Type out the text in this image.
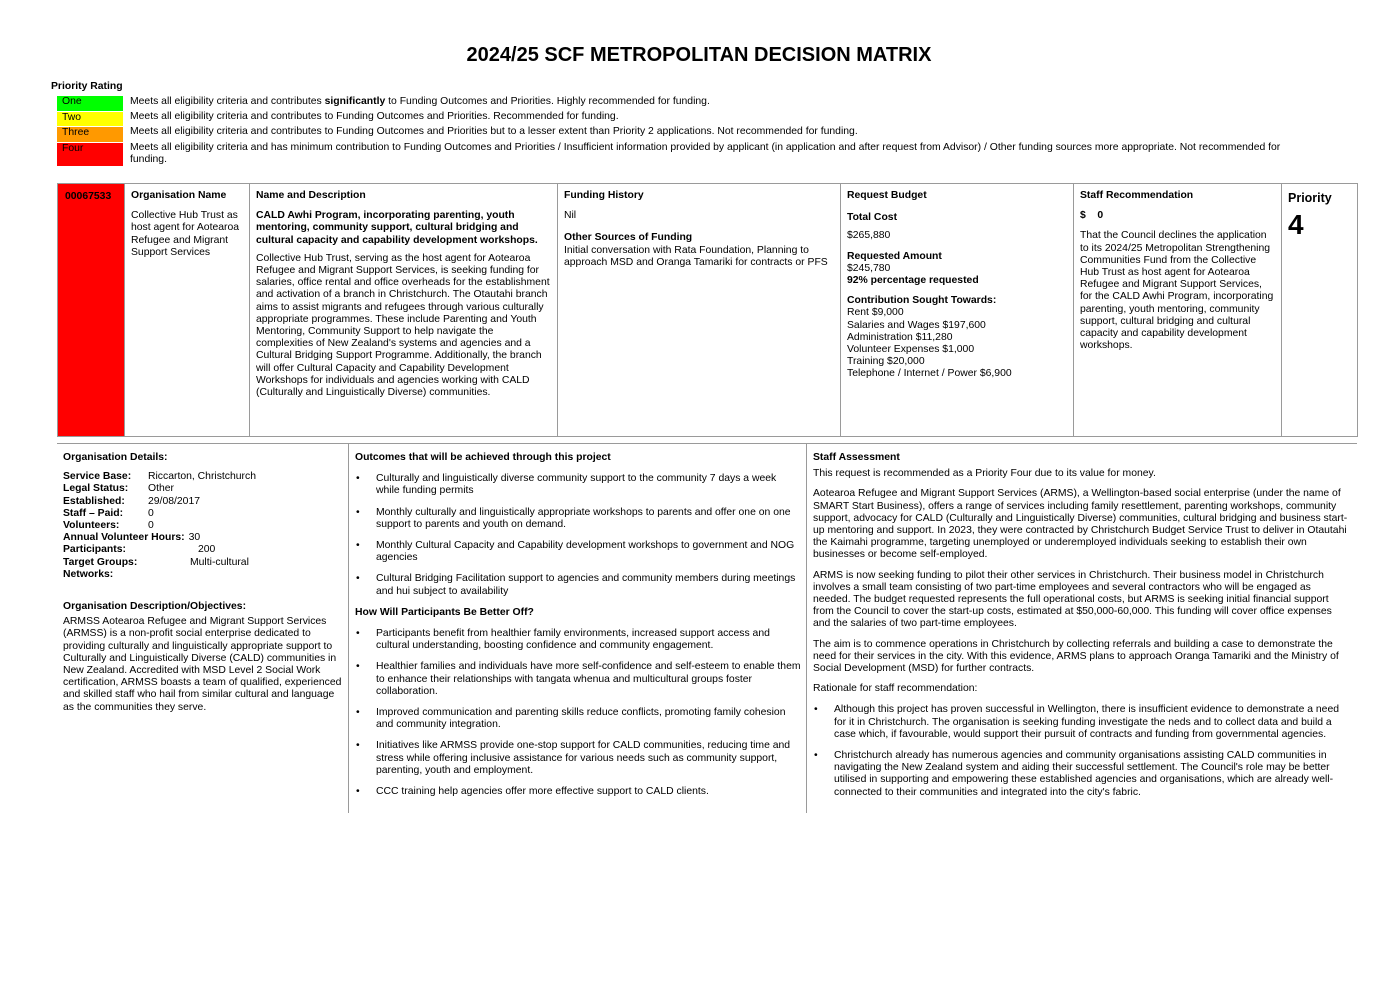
2024/25 SCF METROPOLITAN DECISION MATRIX
Priority Rating
One	Meets all eligibility criteria and contributes significantly to Funding Outcomes and Priorities. Highly recommended for funding.
Two	Meets all eligibility criteria and contributes to Funding Outcomes and Priorities. Recommended for funding.
Three	Meets all eligibility criteria and contributes to Funding Outcomes and Priorities but to a lesser extent than Priority 2 applications. Not recommended for funding.
Four	Meets all eligibility criteria and has minimum contribution to Funding Outcomes and Priorities / Insufficient information provided by applicant (in application and after request from Advisor) / Other funding sources more appropriate. Not recommended for funding.
00067533	Organisation Name
Collective Hub Trust as host agent for Aotearoa Refugee and Migrant Support Services

Name and Description
CALD Awhi Program, incorporating parenting, youth mentoring, community support, cultural bridging and cultural capacity and capability development workshops.
Collective Hub Trust, serving as the host agent for Aotearoa Refugee and Migrant Support Services, is seeking funding for salaries, office rental and office overheads for the establishment and activation of a branch in Christchurch. The Otautahi branch aims to assist migrants and refugees through various culturally appropriate programmes. These include Parenting and Youth Mentoring, Community Support to help navigate the complexities of New Zealand's systems and agencies and a Cultural Bridging Support Programme. Additionally, the branch will offer Cultural Capacity and Capability Development Workshops for individuals and agencies working with CALD (Culturally and Linguistically Diverse) communities.

Funding History
Nil
Other Sources of Funding
Initial conversation with Rata Foundation, Planning to approach MSD and Oranga Tamariki for contracts or PFS

Request Budget
Total Cost
$265,880
Requested Amount
$245,780
92% percentage requested
Contribution Sought Towards:
Rent $9,000
Salaries and Wages $197,600
Administration $11,280
Volunteer Expenses $1,000
Training $20,000
Telephone / Internet / Power $6,900

Staff Recommendation
$    0
That the Council declines the application to its 2024/25 Metropolitan Strengthening Communities Fund from the Collective Hub Trust as host agent for Aotearoa Refugee and Migrant Support Services, for the CALD Awhi Program, incorporating parenting, youth mentoring, community support, cultural bridging and cultural capacity and capability development workshops.

Priority
4
Organisation Details:
Service Base:	Riccarton, Christchurch
Legal Status:	Other
Established:	29/08/2017
Staff – Paid:	0
Volunteers:	0
Annual Volunteer Hours: 30
Participants:	200
Target Groups:	Multi-cultural
Networks:
Organisation Description/Objectives:
ARMSS Aotearoa Refugee and Migrant Support Services (ARMSS) is a non-profit social enterprise dedicated to providing culturally and linguistically appropriate support to Culturally and Linguistically Diverse (CALD) communities in New Zealand. Accredited with MSD Level 2 Social Work certification, ARMSS boasts a team of qualified, experienced and skilled staff who hail from similar cultural and language as the communities they serve.
Outcomes that will be achieved through this project
• Culturally and linguistically diverse community support to the community 7 days a week while funding permits
• Monthly culturally and linguistically appropriate workshops to parents and offer one on one support to parents and youth on demand.
• Monthly Cultural Capacity and Capability development workshops to government and NOG agencies
• Cultural Bridging Facilitation support to agencies and community members during meetings and hui subject to availability
How Will Participants Be Better Off?
• Participants benefit from healthier family environments, increased support access and cultural understanding, boosting confidence and community engagement.
• Healthier families and individuals have more self-confidence and self-esteem to enable them to enhance their relationships with tangata whenua and multicultural groups foster collaboration.
• Improved communication and parenting skills reduce conflicts, promoting family cohesion and community integration.
• Initiatives like ARMSS provide one-stop support for CALD communities, reducing time and stress while offering inclusive assistance for various needs such as community support, parenting, youth and employment.
• CCC training help agencies offer more effective support to CALD clients.
Staff Assessment

This request is recommended as a Priority Four due to its value for money.

Aotearoa Refugee and Migrant Support Services (ARMS), a Wellington-based social enterprise (under the name of SMART Start Business), offers a range of services including family resettlement, parenting workshops, community support, advocacy for CALD (Culturally and Linguistically Diverse) communities, cultural bridging and business start-up mentoring and support. In 2023, they were contracted by Christchurch Budget Service Trust to deliver in Otautahi the Kaimahi programme, targeting unemployed or underemployed individuals seeking to establish their own businesses or become self-employed.

ARMS is now seeking funding to pilot their other services in Christchurch. Their business model in Christchurch involves a small team consisting of two part-time employees and several contractors who will be engaged as needed. The budget requested represents the full operational costs, but ARMS is seeking initial financial support from the Council to cover the start-up costs, estimated at $50,000-60,000. This funding will cover office expenses and the salaries of two part-time employees.

The aim is to commence operations in Christchurch by collecting referrals and building a case to demonstrate the need for their services in the city. With this evidence, ARMS plans to approach Oranga Tamariki and the Ministry of Social Development (MSD) for further contracts.

Rationale for staff recommendation:

• Although this project has proven successful in Wellington, there is insufficient evidence to demonstrate a need for it in Christchurch. The organisation is seeking funding investigate the neds and to collect data and build a case which, if favourable, would support their pursuit of contracts and funding from governmental agencies.
• Christchurch already has numerous agencies and community organisations assisting CALD communities in navigating the New Zealand system and aiding their successful settlement. The Council's role may be better utilised in supporting and empowering these established agencies and organisations, which are already well-connected to their communities and integrated into the city's fabric.
